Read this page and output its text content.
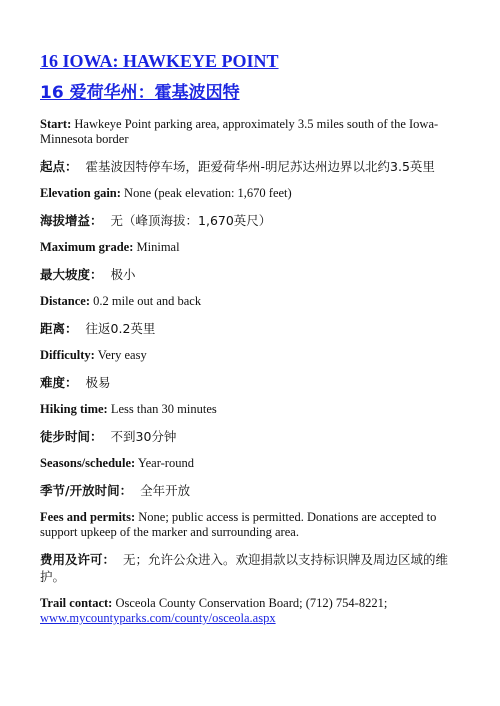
16 IOWA: HAWKEYE POINT
16 爱荷华州：霍基波因特

Start: Hawkeye Point parking area, approximately 3.5 miles south of the Iowa-Minnesota border

起点： 霍基波因特停车场，距爱荷华州-明尼苏达州边界以北约3.5英里

Elevation gain: None (peak elevation: 1,670 feet)

海拔增益： 无（峰顶海拔：1,670英尺）

Maximum grade: Minimal

最大坡度： 极小

Distance: 0.2 mile out and back

距离： 往返0.2英里

Difficulty: Very easy

难度： 极易

Hiking time: Less than 30 minutes

徒步时间： 不到30分钟

Seasons/schedule: Year-round

季节/开放时间： 全年开放

Fees and permits: None; public access is permitted. Donations are accepted to support upkeep of the marker and surrounding area.

费用及许可： 无；允许公众进入。欢迎捐款以支持标识牌及周边区域的维护。

Trail contact: Osceola County Conservation Board; (712) 754-8221;
www.mycountyparks.com/county/osceola.aspx
